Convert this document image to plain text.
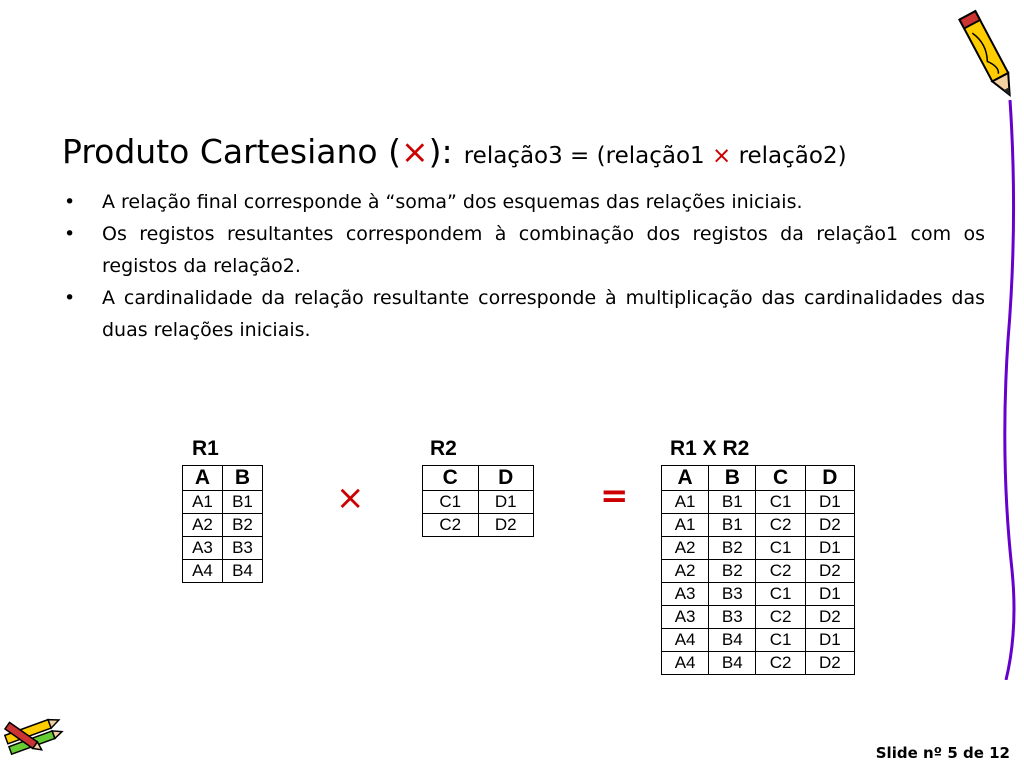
Produto Cartesiano (×): relação3 = (relação1 × relação2)
• A relação final corresponde à “soma” dos esquemas das relações iniciais.
• Os registos resultantes correspondem à combinação dos registos da relação1 com os registos da relação2.
• A cardinalidade da relação resultante corresponde à multiplicação das cardinalidades das duas relações iniciais.
R1
A	B
A1	B1
A2	B2
A3	B3
A4	B4
×
R2
C	D
C1	D1
C2	D2
=
R1 X R2
A	B	C	D
A1	B1	C1	D1
A1	B1	C2	D2
A2	B2	C1	D1
A2	B2	C2	D2
A3	B3	C1	D1
A3	B3	C2	D2
A4	B4	C1	D1
A4	B4	C2	D2
Slide nº 5 de 12
